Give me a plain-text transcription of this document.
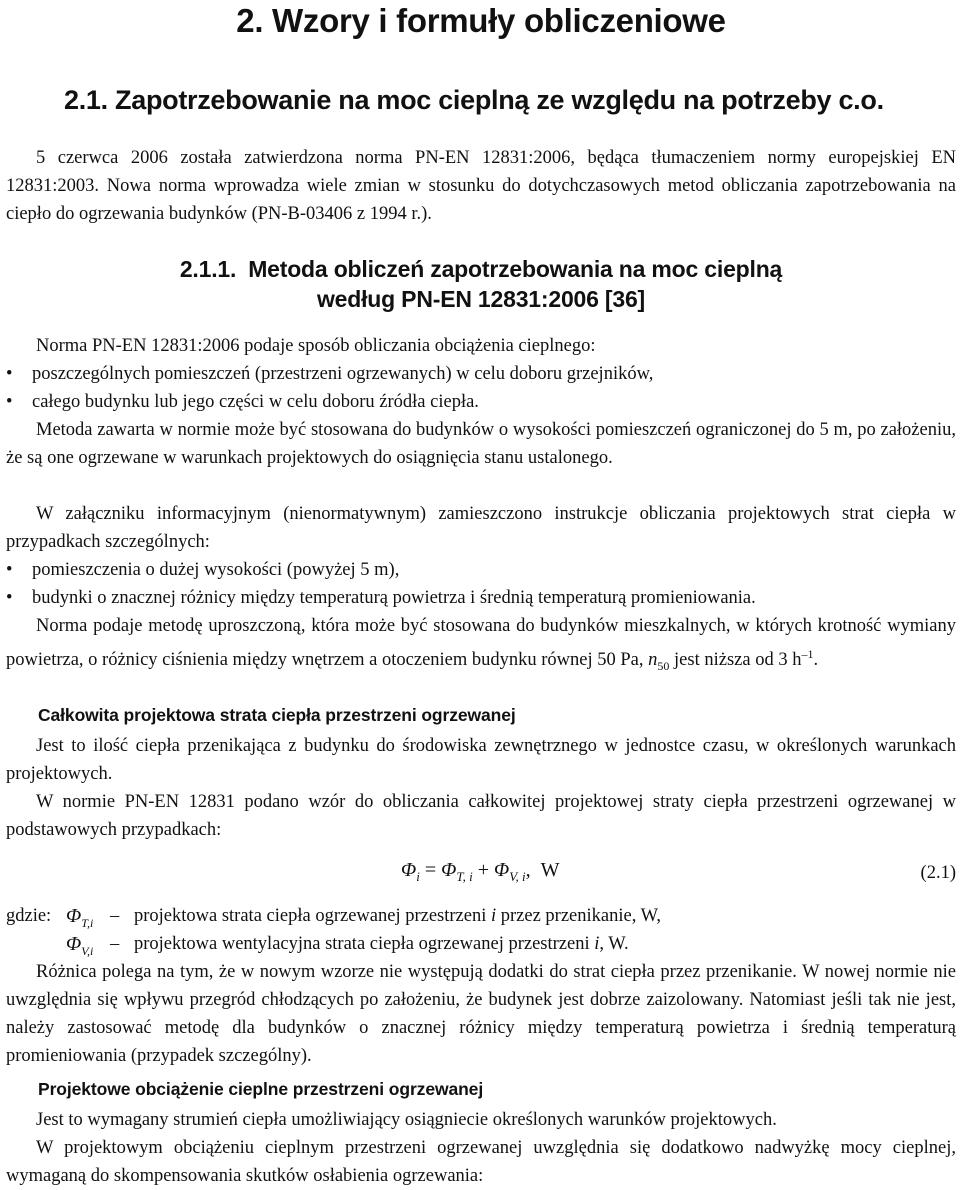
2. Wzory i formuły obliczeniowe
2.1. Zapotrzebowanie na moc cieplną ze względu na potrzeby c.o.
5 czerwca 2006 została zatwierdzona norma PN-EN 12831:2006, będąca tłumaczeniem normy europejskiej EN 12831:2003. Nowa norma wprowadza wiele zmian w stosunku do dotychczasowych metod obliczania zapotrzebowania na ciepło do ogrzewania budynków (PN-B-03406 z 1994 r.).
2.1.1. Metoda obliczeń zapotrzebowania na moc cieplną
według PN-EN 12831:2006 [36]
Norma PN-EN 12831:2006 podaje sposób obliczania obciążenia cieplnego:
• poszczególnych pomieszczeń (przestrzeni ogrzewanych) w celu doboru grzejników,
• całego budynku lub jego części w celu doboru źródła ciepła.
Metoda zawarta w normie może być stosowana do budynków o wysokości pomieszczeń ograniczonej do 5 m, po założeniu, że są one ogrzewane w warunkach projektowych do osiągnięcia stanu ustalonego.
W załączniku informacyjnym (nienormatywnym) zamieszczono instrukcje obliczania projektowych strat ciepła w przypadkach szczególnych:
• pomieszczenia o dużej wysokości (powyżej 5 m),
• budynki o znacznej różnicy między temperaturą powietrza i średnią temperaturą promieniowania.
Norma podaje metodę uproszczoną, która może być stosowana do budynków mieszkalnych, w których krotność wymiany powietrza, o różnicy ciśnienia między wnętrzem a otoczeniem budynku równej 50 Pa, $n_{50}$ jest niższa od 3 $h^{-1}$.
Całkowita projektowa strata ciepła przestrzeni ogrzewanej
Jest to ilość ciepła przenikająca z budynku do środowiska zewnętrznego w jednostce czasu, w określonych warunkach projektowych.
W normie PN-EN 12831 podano wzór do obliczania całkowitej projektowej straty ciepła przestrzeni ogrzewanej w podstawowych przypadkach:
$\Phi_i = \Phi_{T, i} + \Phi_{V, i}$, W	(2.1)
gdzie: $\Phi_{T,i}$ – projektowa strata ciepła ogrzewanej przestrzeni i przez przenikanie, W,
$\Phi_{V,i}$ – projektowa wentylacyjna strata ciepła ogrzewanej przestrzeni i, W.
Różnica polega na tym, że w nowym wzorze nie występują dodatki do strat ciepła przez przenikanie. W nowej normie nie uwzględnia się wpływu przegród chłodzących po założeniu, że budynek jest dobrze zaizolowany. Natomiast jeśli tak nie jest, należy zastosować metodę dla budynków o znacznej różnicy między temperaturą powietrza i średnią temperaturą promieniowania (przypadek szczególny).
Projektowe obciążenie cieplne przestrzeni ogrzewanej
Jest to wymagany strumień ciepła umożliwiający osiągniecie określonych warunków projektowych.
W projektowym obciążeniu cieplnym przestrzeni ogrzewanej uwzględnia się dodatkowo nadwyżkę mocy cieplnej, wymaganą do skompensowania skutków osłabienia ogrzewania:
